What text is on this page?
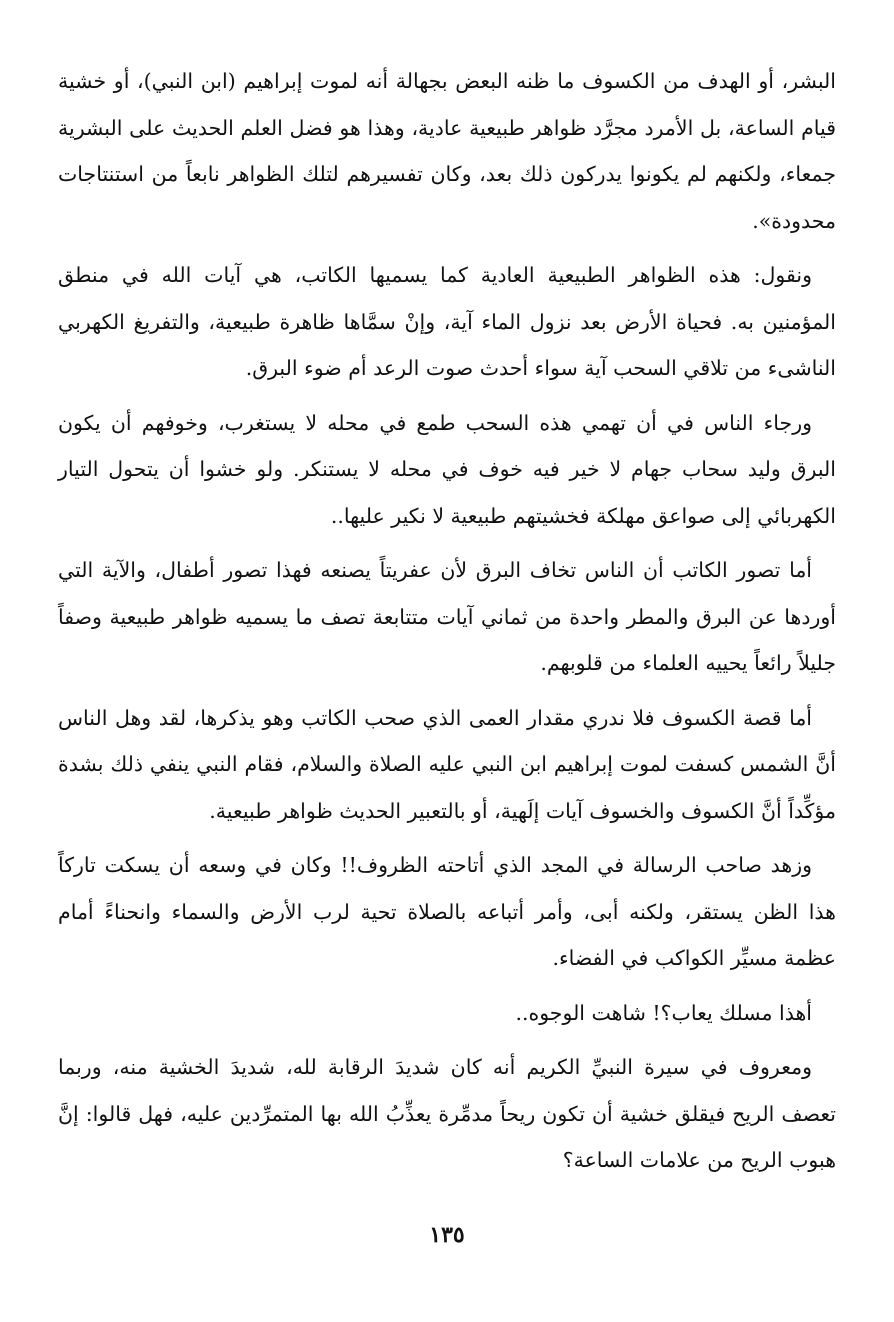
البشر، أو الهدف من الكسوف ما ظنه البعض بجهالة أنه لموت إبراهيم (ابن النبي)، أو خشية قيام الساعة، بل الأمرد مجرَّد ظواهر طبيعية عادية، وهذا هو فضل العلم الحديث على البشرية جمعاء، ولكنهم لم يكونوا يدركون ذلك بعد، وكان تفسيرهم لتلك الظواهر نابعاً من استنتاجات محدودة».

ونقول: هذه الظواهر الطبيعية العادية كما يسميها الكاتب، هي آيات الله في منطق المؤمنين به. فحياة الأرض بعد نزول الماء آية، وإنْ سمَّاها ظاهرة طبيعية، والتفريغ الكهربي الناشىء من تلاقي السحب آية سواء أحدث صوت الرعد أم ضوء البرق.

ورجاء الناس في أن تهمي هذه السحب طمع في محله لا يستغرب، وخوفهم أن يكون البرق وليد سحاب جهام لا خير فيه خوف في محله لا يستنكر. ولو خشوا أن يتحول التيار الكهربائي إلى صواعق مهلكة فخشيتهم طبيعية لا نكير عليها..

أما تصور الكاتب أن الناس تخاف البرق لأن عفريتاً يصنعه فهذا تصور أطفال، والآية التي أوردها عن البرق والمطر واحدة من ثماني آيات متتابعة تصف ما يسميه ظواهر طبيعية وصفاً جليلاً رائعاً يحييه العلماء من قلوبهم.

أما قصة الكسوف فلا ندري مقدار العمى الذي صحب الكاتب وهو يذكرها، لقد وهل الناس أنَّ الشمس كسفت لموت إبراهيم ابن النبي عليه الصلاة والسلام، فقام النبي ينفي ذلك بشدة مؤكِّداً أنَّ الكسوف والخسوف آيات إلَهية، أو بالتعبير الحديث ظواهر طبيعية.

وزهد صاحب الرسالة في المجد الذي أتاحته الظروف!! وكان في وسعه أن يسكت تاركاً هذا الظن يستقر، ولكنه أبى، وأمر أتباعه بالصلاة تحية لرب الأرض والسماء وانحناءً أمام عظمة مسيِّر الكواكب في الفضاء.

أهذا مسلك يعاب؟! شاهت الوجوه..

ومعروف في سيرة النبيِّ الكريم أنه كان شديدَ الرقابة لله، شديدَ الخشية منه، وربما تعصف الريح فيقلق خشية أن تكون ريحاً مدمِّرة يعذِّبُ الله بها المتمرِّدين عليه، فهل قالوا: إنَّ هبوب الريح من علامات الساعة؟

١٣٥
